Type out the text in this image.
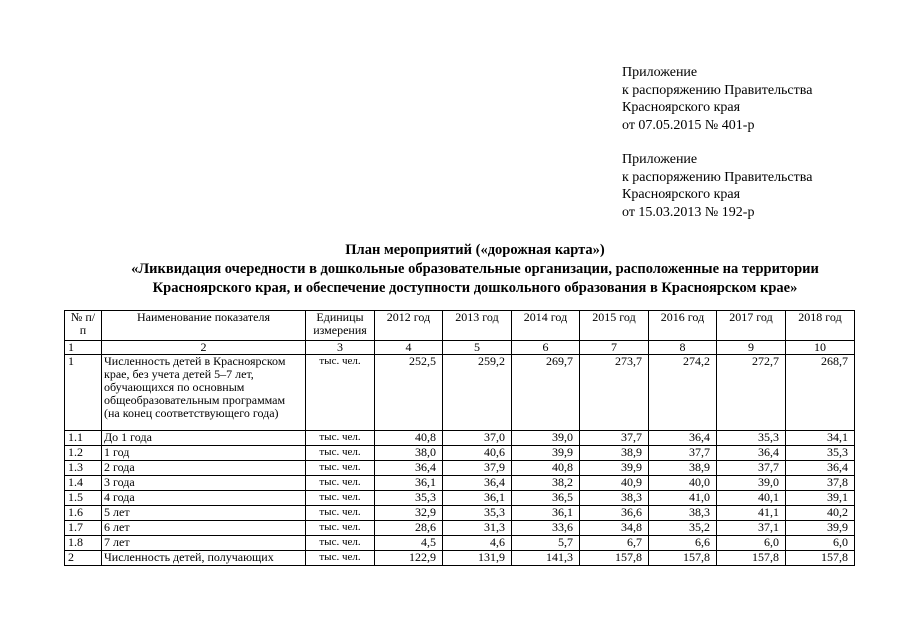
Приложение
к распоряжению Правительства
Красноярского края
от 07.05.2015 № 401-р
Приложение
к распоряжению Правительства
Красноярского края
от 15.03.2013 № 192-р
План мероприятий («дорожная карта»)
«Ликвидация очередности в дошкольные образовательные организации, расположенные на территории
Красноярского края, и обеспечение доступности дошкольного образования в Красноярском крае»
№ п/п	Наименование показателя	Единицы измерения	2012 год	2013 год	2014 год	2015 год	2016 год	2017 год	2018 год
1	2	3	4	5	6	7	8	9	10
1	Численность детей в Красноярском крае, без учета детей 5–7 лет, обучающихся по основным общеобразовательным программам (на конец соответствующего года)	тыс. чел.	252,5	259,2	269,7	273,7	274,2	272,7	268,7
1.1	До 1 года	тыс. чел.	40,8	37,0	39,0	37,7	36,4	35,3	34,1
1.2	1 год	тыс. чел.	38,0	40,6	39,9	38,9	37,7	36,4	35,3
1.3	2 года	тыс. чел.	36,4	37,9	40,8	39,9	38,9	37,7	36,4
1.4	3 года	тыс. чел.	36,1	36,4	38,2	40,9	40,0	39,0	37,8
1.5	4 года	тыс. чел.	35,3	36,1	36,5	38,3	41,0	40,1	39,1
1.6	5 лет	тыс. чел.	32,9	35,3	36,1	36,6	38,3	41,1	40,2
1.7	6 лет	тыс. чел.	28,6	31,3	33,6	34,8	35,2	37,1	39,9
1.8	7 лет	тыс. чел.	4,5	4,6	5,7	6,7	6,6	6,0	6,0
2	Численность детей, получающих	тыс. чел.	122,9	131,9	141,3	157,8	157,8	157,8	157,8
